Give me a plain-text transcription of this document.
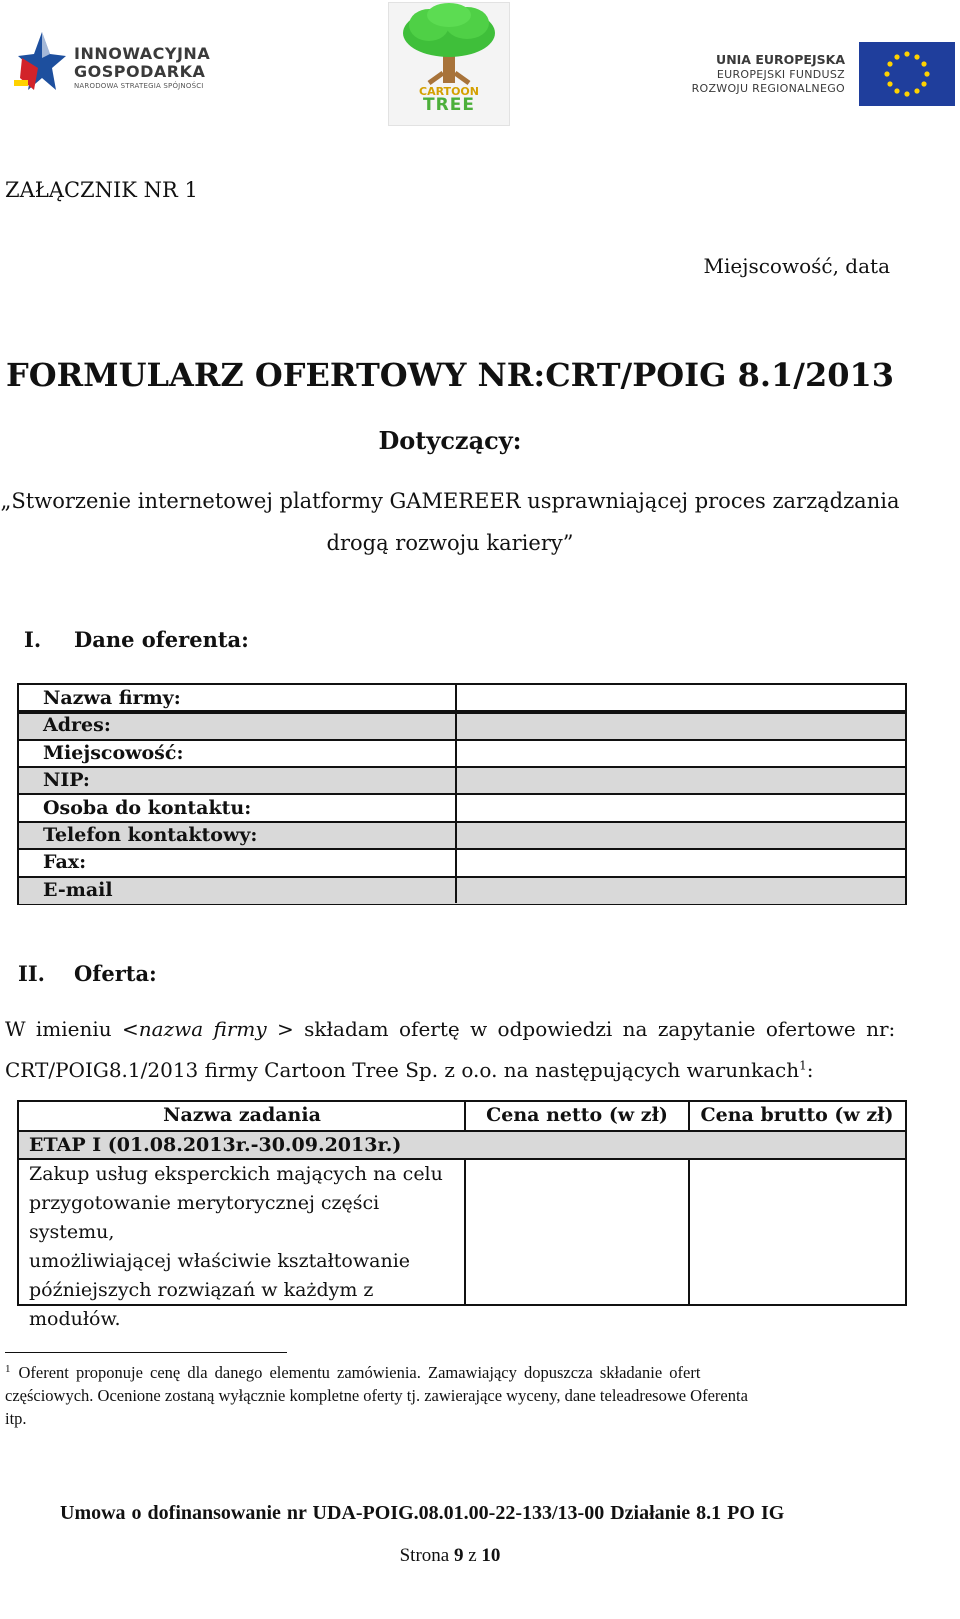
INNOWACYJNA
GOSPODARKA
NARODOWA STRATEGIA SPÓJNOŚCI	CARTOON
TREE
UNIA EUROPEJSKA
EUROPEJSKI FUNDUSZ
ROZWOJU REGIONALNEGO
ZAŁĄCZNIK NR 1
Miejscowość, data
FORMULARZ OFERTOWY NR:CRT/POIG 8.1/2013
Dotyczący:
„Stworzenie internetowej platformy GAMEREER usprawniającej proces zarządzania
drogą rozwoju kariery”
I. Dane oferenta:
Nazwa firmy:
Adres:
Miejscowość:
NIP:
Osoba do kontaktu:
Telefon kontaktowy:
Fax:
E-mail
II. Oferta:
W imieniu <nazwa firmy > składam ofertę w odpowiedzi na zapytanie ofertowe nr:
CRT/POIG8.1/2013 firmy Cartoon Tree Sp. z o.o. na następujących warunkach$^1$:
Nazwa zadania	Cena netto (w zł)	Cena brutto (w zł)
ETAP I (01.08.2013r.-30.09.2013r.)
Zakup usług eksperckich mających na celu
przygotowanie merytorycznej części systemu,
umożliwiającej właściwie kształtowanie
późniejszych rozwiązań w każdym z
modułów.
$^1$ Oferent proponuje cenę dla danego elementu zamówienia. Zamawiający dopuszcza składanie ofert
częściowych. Ocenione zostaną wyłącznie kompletne oferty tj. zawierające wyceny, dane teleadresowe Oferenta
itp.
Umowa o dofinansowanie nr UDA-POIG.08.01.00-22-133/13-00 Działanie 8.1 PO IG
Strona 9 z 10
